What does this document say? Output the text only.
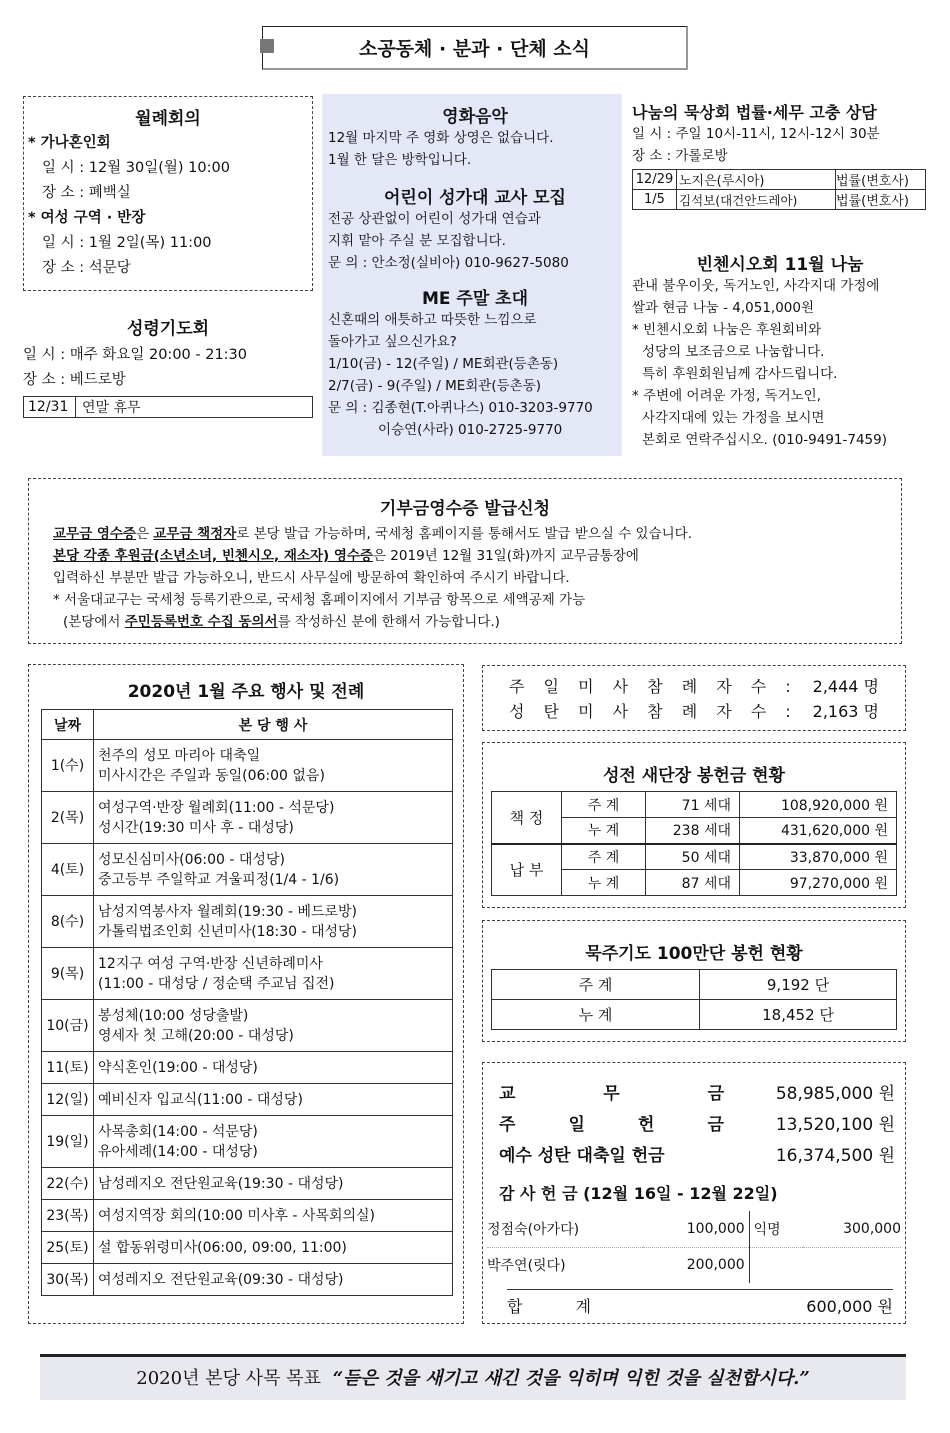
소공동체 · 분과 · 단체 소식
월례회의
* 가나혼인회
일 시 : 12월 30일(월) 10:00
장 소 : 폐백실
* 여성 구역 · 반장
일 시 : 1월 2일(목) 11:00
장 소 : 석문당
성령기도회
일 시 : 매주 화요일 20:00 - 21:30
장 소 : 베드로방
12/31	연말 휴무
영화음악
12월 마지막 주 영화 상영은 없습니다.
1월 한 달은 방학입니다.
어린이 성가대 교사 모집
전공 상관없이 어린이 성가대 연습과
지휘 맡아 주실 분 모집합니다.
문 의 : 안소정(실비아) 010-9627-5080
ME 주말 초대
신혼때의 애틋하고 따뜻한 느낌으로
돌아가고 싶으신가요?
1/10(금) - 12(주일) / ME회관(등촌동)
2/7(금) - 9(주일) / ME회관(등촌동)
문 의 : 김종현(T.아퀴나스) 010-3203-9770
이승연(사라) 010-2725-9770
나눔의 묵상회 법률·세무 고충 상담
일 시 : 주일 10시-11시, 12시-12시 30분
장 소 : 가롤로방
12/29	노지은(루시아)	법률(변호사)
1/5	김석보(대건안드레아)	법률(변호사)
빈첸시오회 11월 나눔
관내 불우이웃, 독거노인, 사각지대 가정에
쌀과 현금 나눔 - 4,051,000원
* 빈첸시오회 나눔은 후원회비와
성당의 보조금으로 나눔합니다.
특히 후원회원님께 감사드립니다.
* 주변에 어려운 가정, 독거노인,
사각지대에 있는 가정을 보시면
본회로 연락주십시오. (010-9491-7459)
기부금영수증 발급신청
교무금 영수증은 교무금 책정자로 본당 발급 가능하며, 국세청 홈페이지를 통해서도 발급 받으실 수 있습니다.
본당 각종 후원금(소년소녀, 빈첸시오, 재소자) 영수증은 2019년 12월 31일(화)까지 교무금통장에
입력하신 부분만 발급 가능하오니, 반드시 사무실에 방문하여 확인하여 주시기 바랍니다.
* 서울대교구는 국세청 등록기관으로, 국세청 홈페이지에서 기부금 항목으로 세액공제 가능
(본당에서 주민등록번호 수집 동의서를 작성하신 분에 한해서 가능합니다.)
2020년 1월 주요 행사 및 전례
날짜	본 당 행 사
1(수)	천주의 성모 마리아 대축일
미사시간은 주일과 동일(06:00 없음)

2(목)	여성구역·반장 월례회(11:00 - 석문당)
성시간(19:30 미사 후 - 대성당)

4(토)	성모신심미사(06:00 - 대성당)
중고등부 주일학교 겨울피정(1/4 - 1/6)

8(수)	남성지역봉사자 월례회(19:30 - 베드로방)
가톨릭법조인회 신년미사(18:30 - 대성당)

9(목)	12지구 여성 구역·반장 신년하례미사
(11:00 - 대성당 / 정순택 주교님 집전)

10(금)	봉성체(10:00 성당출발)
영세자 첫 고해(20:00 - 대성당)

11(토)	약식혼인(19:00 - 대성당)

12(일)	예비신자 입교식(11:00 - 대성당)

19(일)	사목총회(14:00 - 석문당)
유아세례(14:00 - 대성당)

22(수)	남성레지오 전단원교육(19:30 - 대성당)

23(목)	여성지역장 회의(10:00 미사후 - 사목회의실)

25(토)	설 합동위령미사(06:00, 09:00, 11:00)

30(목)	여성레지오 전단원교육(09:30 - 대성당)
주 일 미 사 참 례 자 수 : 2,444 명
성 탄 미 사 참 례 자 수 : 2,163 명
성전 새단장 봉헌금 현황
책 정	주 계	71 세대	108,920,000 원
	누 계	238 세대	431,620,000 원
납 부	주 계	50 세대	33,870,000 원
	누 계	87 세대	97,270,000 원
묵주기도 100만단 봉헌 현황
주 계	9,192 단
누 계	18,452 단
교	무	금	58,985,000 원
주	일	헌	금	13,520,100 원
예수 성탄 대축일 헌금	16,374,500 원
감 사 헌 금 (12월 16일 - 12월 22일)
정점숙(아가다)	100,000	익명	300,000
박주연(릿다)	200,000		
합 계	600,000 원
2020년 본당 사목 목표 “듣은 것을 새기고 새긴 것을 익히며 익힌 것을 실천합시다.”
